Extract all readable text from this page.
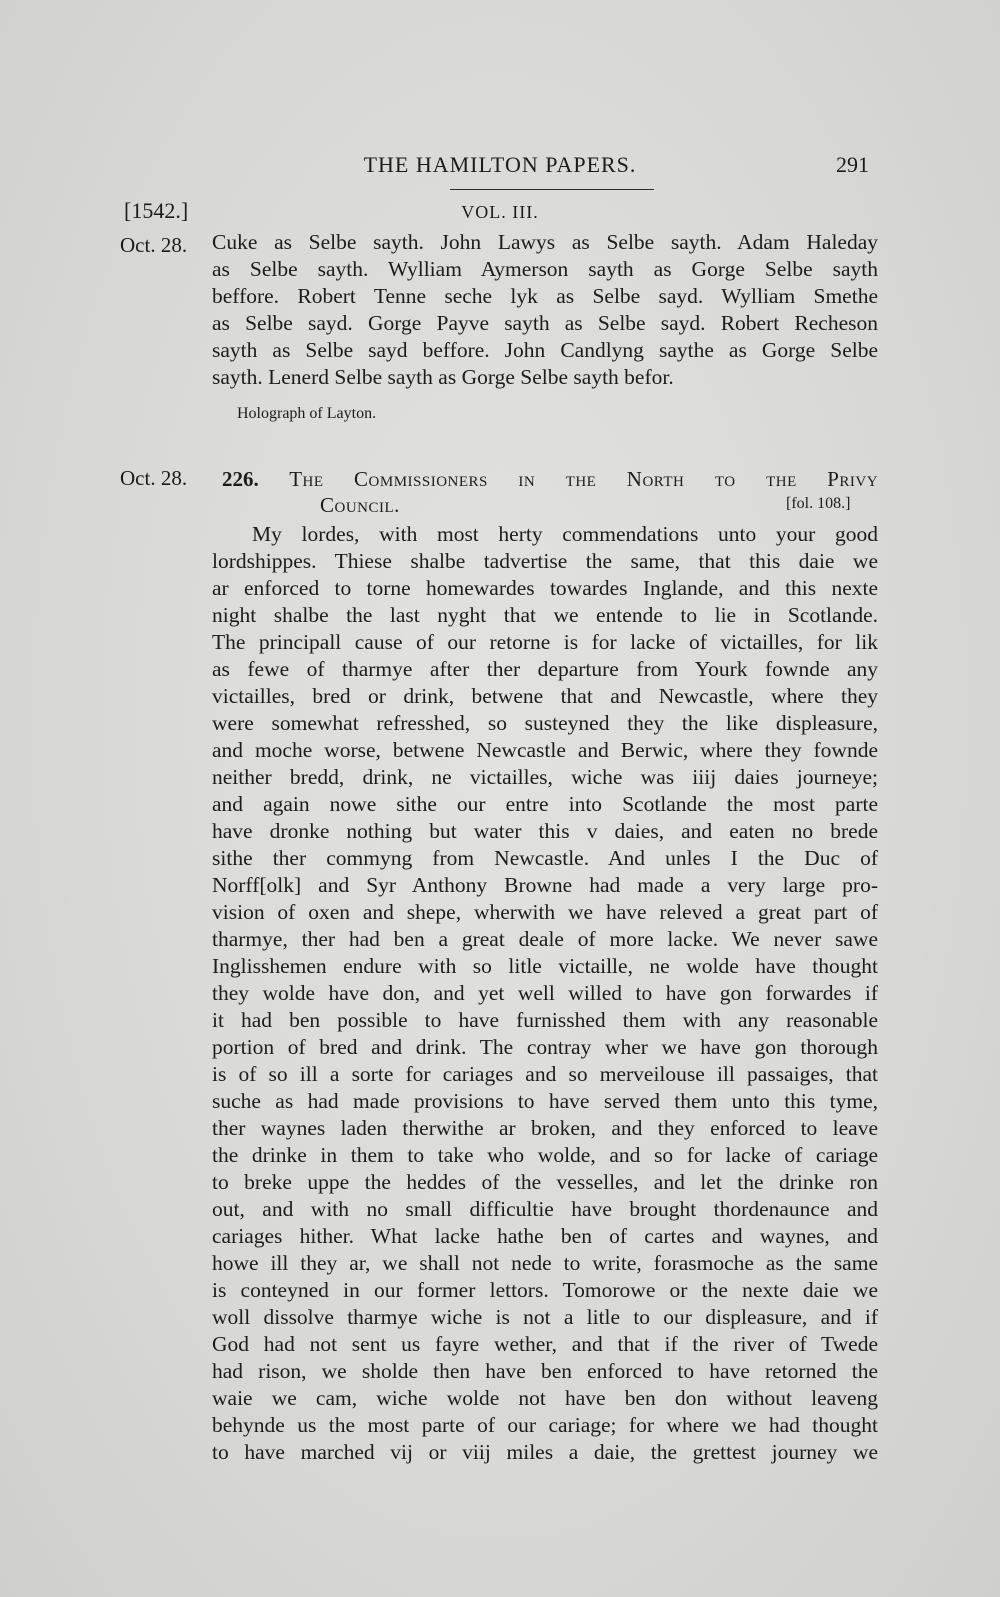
THE HAMILTON PAPERS.	291
[1542.]	VOL. III.
Oct. 28. Cuke as Selbe sayth. John Lawys as Selbe sayth. Adam Haleday
as Selbe sayth. Wylliam Aymerson sayth as Gorge Selbe sayth
beffore. Robert Tenne seche lyk as Selbe sayd. Wylliam Smethe
as Selbe sayd. Gorge Payve sayth as Selbe sayd. Robert Recheson
sayth as Selbe sayd beffore. John Candlyng saythe as Gorge Selbe
sayth. Lenerd Selbe sayth as Gorge Selbe sayth befor.
Holograph of Layton.
Oct. 28. 226. The Commissioners in the North to the Privy
Council.	[fol. 108.]
My lordes, with most herty commendations unto your good
lordshippes. Thiese shalbe tadvertise the same, that this daie we
ar enforced to torne homewardes towardes Inglande, and this nexte
night shalbe the last nyght that we entende to lie in Scotlande.
The principall cause of our retorne is for lacke of victailles, for lik
as fewe of tharmye after ther departure from Yourk fownde any
victailles, bred or drink, betwene that and Newcastle, where they
were somewhat refresshed, so susteyned they the like displeasure,
and moche worse, betwene Newcastle and Berwic, where they fownde
neither bredd, drink, ne victailles, wiche was iiij daies journeye;
and again nowe sithe our entre into Scotlande the most parte
have dronke nothing but water this v daies, and eaten no brede
sithe ther commyng from Newcastle. And unles I the Duc of
Norff[olk] and Syr Anthony Browne had made a very large pro-
vision of oxen and shepe, wherwith we have releved a great part of
tharmye, ther had ben a great deale of more lacke. We never sawe
Inglisshemen endure with so litle victaille, ne wolde have thought
they wolde have don, and yet well willed to have gon forwardes if
it had ben possible to have furnisshed them with any reasonable
portion of bred and drink. The contray wher we have gon thorough
is of so ill a sorte for cariages and so merveilouse ill passaiges, that
suche as had made provisions to have served them unto this tyme,
ther waynes laden therwithe ar broken, and they enforced to leave
the drinke in them to take who wolde, and so for lacke of cariage
to breke uppe the heddes of the vesselles, and let the drinke ron
out, and with no small difficultie have brought thordenaunce and
cariages hither. What lacke hathe ben of cartes and waynes, and
howe ill they ar, we shall not nede to write, forasmoche as the same
is conteyned in our former lettors. Tomorowe or the nexte daie we
woll dissolve tharmye wiche is not a litle to our displeasure, and if
God had not sent us fayre wether, and that if the river of Twede
had rison, we sholde then have ben enforced to have retorned the
waie we cam, wiche wolde not have ben don without leaveng
behynde us the most parte of our cariage; for where we had thought
to have marched vij or viij miles a daie, the grettest journey we
